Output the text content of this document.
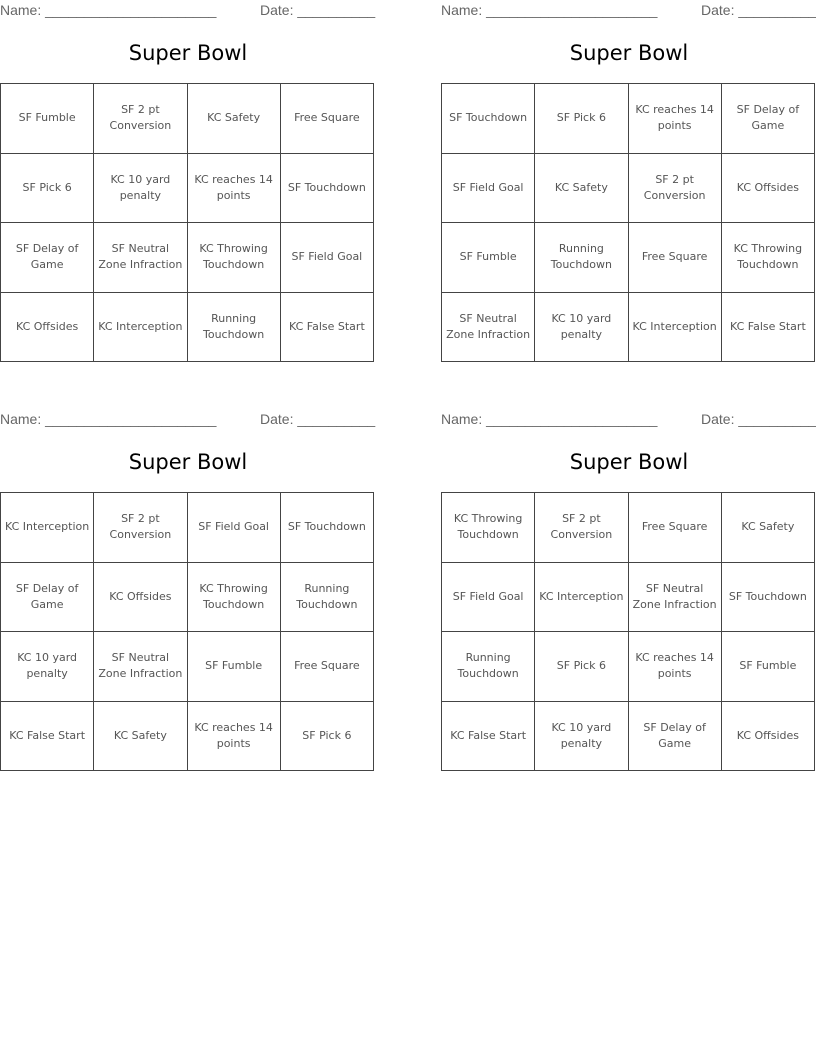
Name: ______________________	Date: __________
Super Bowl
SF Fumble	SF 2 pt Conversion	KC Safety	Free Square
SF Pick 6	KC 10 yard penalty	KC reaches 14 points	SF Touchdown
SF Delay of Game	SF Neutral Zone Infraction	KC Throwing Touchdown	SF Field Goal
KC Offsides	KC Interception	Running Touchdown	KC False Start
Name: ______________________	Date: __________
Super Bowl
SF Touchdown	SF Pick 6	KC reaches 14 points	SF Delay of Game
SF Field Goal	KC Safety	SF 2 pt Conversion	KC Offsides
SF Fumble	Running Touchdown	Free Square	KC Throwing Touchdown
SF Neutral Zone Infraction	KC 10 yard penalty	KC Interception	KC False Start
Name: ______________________	Date: __________
Super Bowl
KC Interception	SF 2 pt Conversion	SF Field Goal	SF Touchdown
SF Delay of Game	KC Offsides	KC Throwing Touchdown	Running Touchdown
KC 10 yard penalty	SF Neutral Zone Infraction	SF Fumble	Free Square
KC False Start	KC Safety	KC reaches 14 points	SF Pick 6
Name: ______________________	Date: __________
Super Bowl
KC Throwing Touchdown	SF 2 pt Conversion	Free Square	KC Safety
SF Field Goal	KC Interception	SF Neutral Zone Infraction	SF Touchdown
Running Touchdown	SF Pick 6	KC reaches 14 points	SF Fumble
KC False Start	KC 10 yard penalty	SF Delay of Game	KC Offsides
